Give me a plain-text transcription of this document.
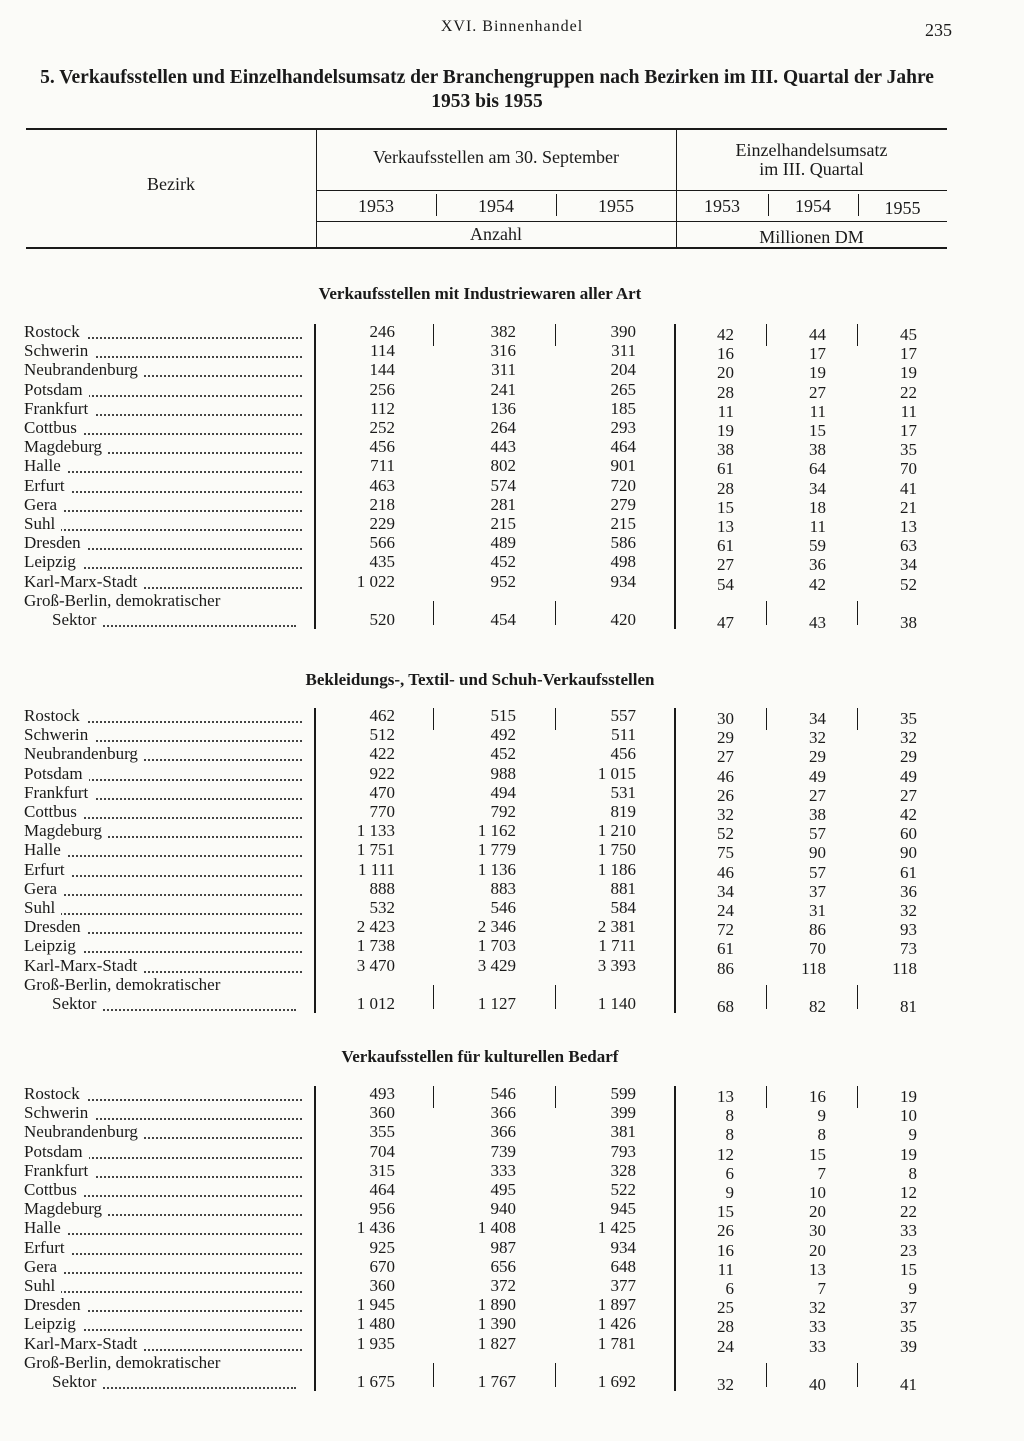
XVI. Binnenhandel	235
5. Verkaufsstellen und Einzelhandelsumsatz der Branchengruppen nach Bezirken im III. Quartal der Jahre
1953 bis 1955
Bezirk
Verkaufsstellen am 30. September	Einzelhandelsumsatz
im III. Quartal
1953	1954	1955	1953	1954	1955
Anzahl	Millionen DM
Verkaufsstellen mit Industriewaren aller Art
Rostock	246	382	390	42	44	45
Schwerin	114	316	311	16	17	17
Neubrandenburg	144	311	204	20	19	19
Potsdam	256	241	265	28	27	22
Frankfurt	112	136	185	11	11	11
Cottbus	252	264	293	19	15	17
Magdeburg	456	443	464	38	38	35
Halle	711	802	901	61	64	70
Erfurt	463	574	720	28	34	41
Gera	218	281	279	15	18	21
Suhl	229	215	215	13	11	13
Dresden	566	489	586	61	59	63
Leipzig	435	452	498	27	36	34
Karl-Marx-Stadt	1 022	952	934	54	42	52
Groß-Berlin, demokratischer
Sektor	520	454	420	47	43	38
Bekleidungs-, Textil- und Schuh-Verkaufsstellen
Rostock	462	515	557	30	34	35
Schwerin	512	492	511	29	32	32
Neubrandenburg	422	452	456	27	29	29
Potsdam	922	988	1 015	46	49	49
Frankfurt	470	494	531	26	27	27
Cottbus	770	792	819	32	38	42
Magdeburg	1 133	1 162	1 210	52	57	60
Halle	1 751	1 779	1 750	75	90	90
Erfurt	1 111	1 136	1 186	46	57	61
Gera	888	883	881	34	37	36
Suhl	532	546	584	24	31	32
Dresden	2 423	2 346	2 381	72	86	93
Leipzig	1 738	1 703	1 711	61	70	73
Karl-Marx-Stadt	3 470	3 429	3 393	86	118	118
Groß-Berlin, demokratischer
Sektor	1 012	1 127	1 140	68	82	81
Verkaufsstellen für kulturellen Bedarf
Rostock	493	546	599	13	16	19
Schwerin	360	366	399	8	9	10
Neubrandenburg	355	366	381	8	8	9
Potsdam	704	739	793	12	15	19
Frankfurt	315	333	328	6	7	8
Cottbus	464	495	522	9	10	12
Magdeburg	956	940	945	15	20	22
Halle	1 436	1 408	1 425	26	30	33
Erfurt	925	987	934	16	20	23
Gera	670	656	648	11	13	15
Suhl	360	372	377	6	7	9
Dresden	1 945	1 890	1 897	25	32	37
Leipzig	1 480	1 390	1 426	28	33	35
Karl-Marx-Stadt	1 935	1 827	1 781	24	33	39
Groß-Berlin, demokratischer
Sektor	1 675	1 767	1 692	32	40	41
